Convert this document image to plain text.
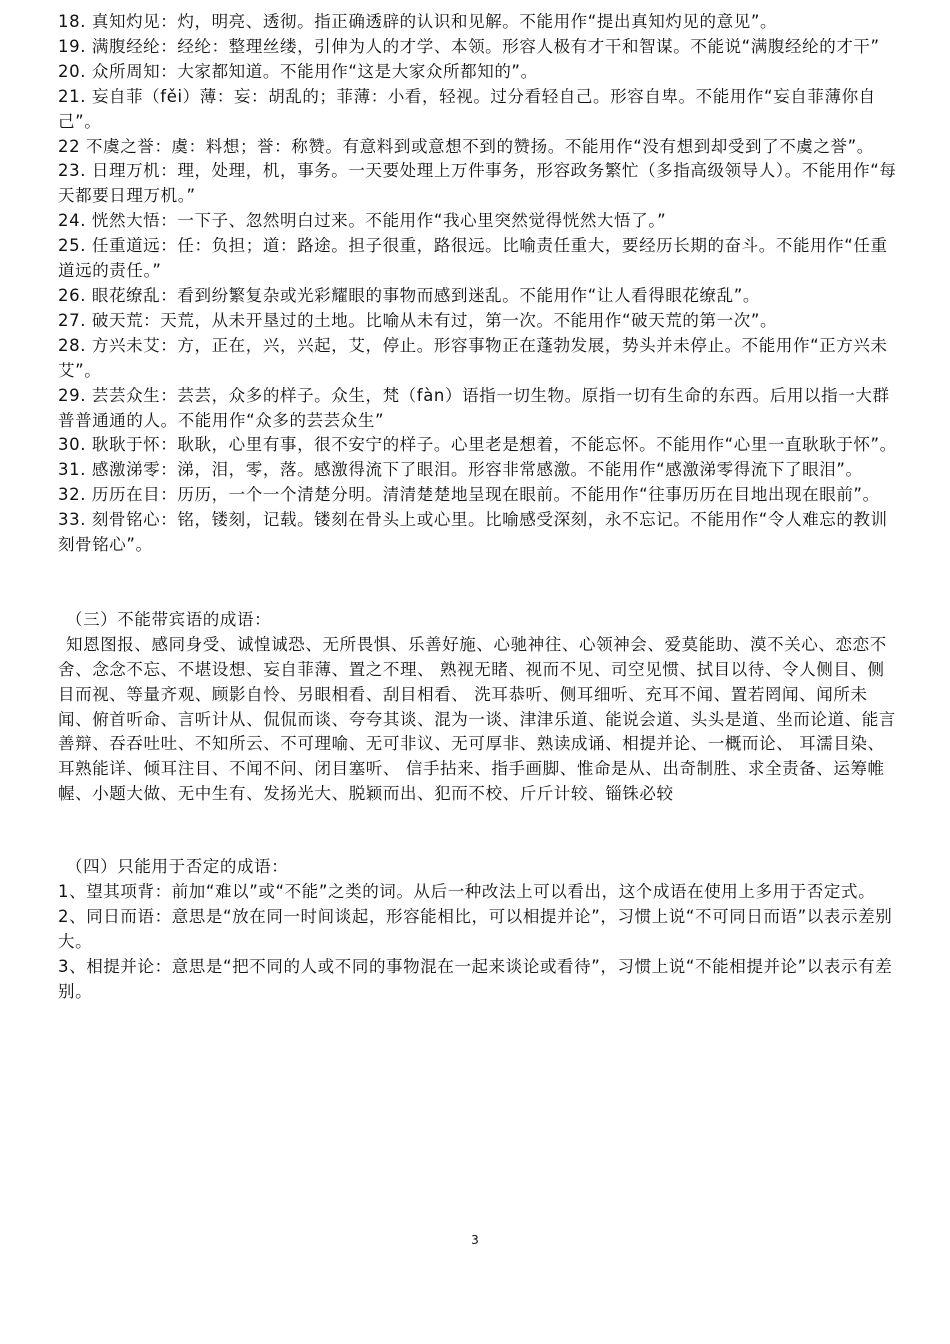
18. 真知灼见：灼，明亮、透彻。指正确透辟的认识和见解。不能用作“提出真知灼见的意见”。

19. 满腹经纶：经纶：整理丝缕，引伸为人的才学、本领。形容人极有才干和智谋。不能说“满腹经纶的才干”

20. 众所周知：大家都知道。不能用作“这是大家众所都知的”。

21. 妄自菲（fěi）薄：妄：胡乱的；菲薄：小看，轻视。过分看轻自己。形容自卑。不能用作“妄自菲薄你自己”。

22 不虞之誉：虞：料想；誉：称赞。有意料到或意想不到的赞扬。不能用作“没有想到却受到了不虞之誉”。

23. 日理万机：理，处理，机，事务。一天要处理上万件事务，形容政务繁忙（多指高级领导人）。不能用作“每天都要日理万机。”

24. 恍然大悟：一下子、忽然明白过来。不能用作“我心里突然觉得恍然大悟了。”

25. 任重道远：任：负担；道：路途。担子很重，路很远。比喻责任重大，要经历长期的奋斗。不能用作“任重道远的责任。”

26. 眼花缭乱：看到纷繁复杂或光彩耀眼的事物而感到迷乱。不能用作“让人看得眼花缭乱”。

27. 破天荒：天荒，从未开垦过的土地。比喻从未有过，第一次。不能用作“破天荒的第一次”。

28. 方兴未艾：方，正在，兴，兴起，艾，停止。形容事物正在蓬勃发展，势头并未停止。不能用作“正方兴未艾”。

29. 芸芸众生：芸芸，众多的样子。众生，梵（fàn）语指一切生物。原指一切有生命的东西。后用以指一大群普普通通的人。不能用作“众多的芸芸众生”

30. 耿耿于怀：耿耿，心里有事，很不安宁的样子。心里老是想着，不能忘怀。不能用作“心里一直耿耿于怀”。

31. 感激涕零：涕，泪，零，落。感激得流下了眼泪。形容非常感激。不能用作“感激涕零得流下了眼泪”。

32. 历历在目：历历，一个一个清楚分明。清清楚楚地呈现在眼前。不能用作“往事历历在目地出现在眼前”。

33. 刻骨铭心：铭，镂刻，记载。镂刻在骨头上或心里。比喻感受深刻，永不忘记。不能用作“令人难忘的教训刻骨铭心”。

（三）不能带宾语的成语：

知恩图报、感同身受、诚惶诚恐、无所畏惧、乐善好施、心驰神往、心领神会、爱莫能助、漠不关心、恋恋不舍、念念不忘、不堪设想、妄自菲薄、置之不理、 熟视无睹、视而不见、司空见惯、拭目以待、令人侧目、侧目而视、等量齐观、顾影自怜、另眼相看、刮目相看、 洗耳恭听、侧耳细听、充耳不闻、置若罔闻、闻所未闻、俯首听命、言听计从、侃侃而谈、夸夸其谈、混为一谈、津津乐道、能说会道、头头是道、坐而论道、能言善辩、吞吞吐吐、不知所云、不可理喻、无可非议、无可厚非、熟读成诵、相提并论、一概而论、 耳濡目染、耳熟能详、倾耳注目、不闻不问、闭目塞听、 信手拈来、指手画脚、惟命是从、出奇制胜、求全责备、运筹帷幄、小题大做、无中生有、发扬光大、脱颖而出、犯而不校、斤斤计较、锱铢必较

（四）只能用于否定的成语：

1、望其项背：前加“难以”或“不能”之类的词。从后一种改法上可以看出，这个成语在使用上多用于否定式。

2、同日而语：意思是“放在同一时间谈起，形容能相比，可以相提并论”，习惯上说“不可同日而语”以表示差别大。

3、相提并论：意思是“把不同的人或不同的事物混在一起来谈论或看待”，习惯上说“不能相提并论”以表示有差别。

3
